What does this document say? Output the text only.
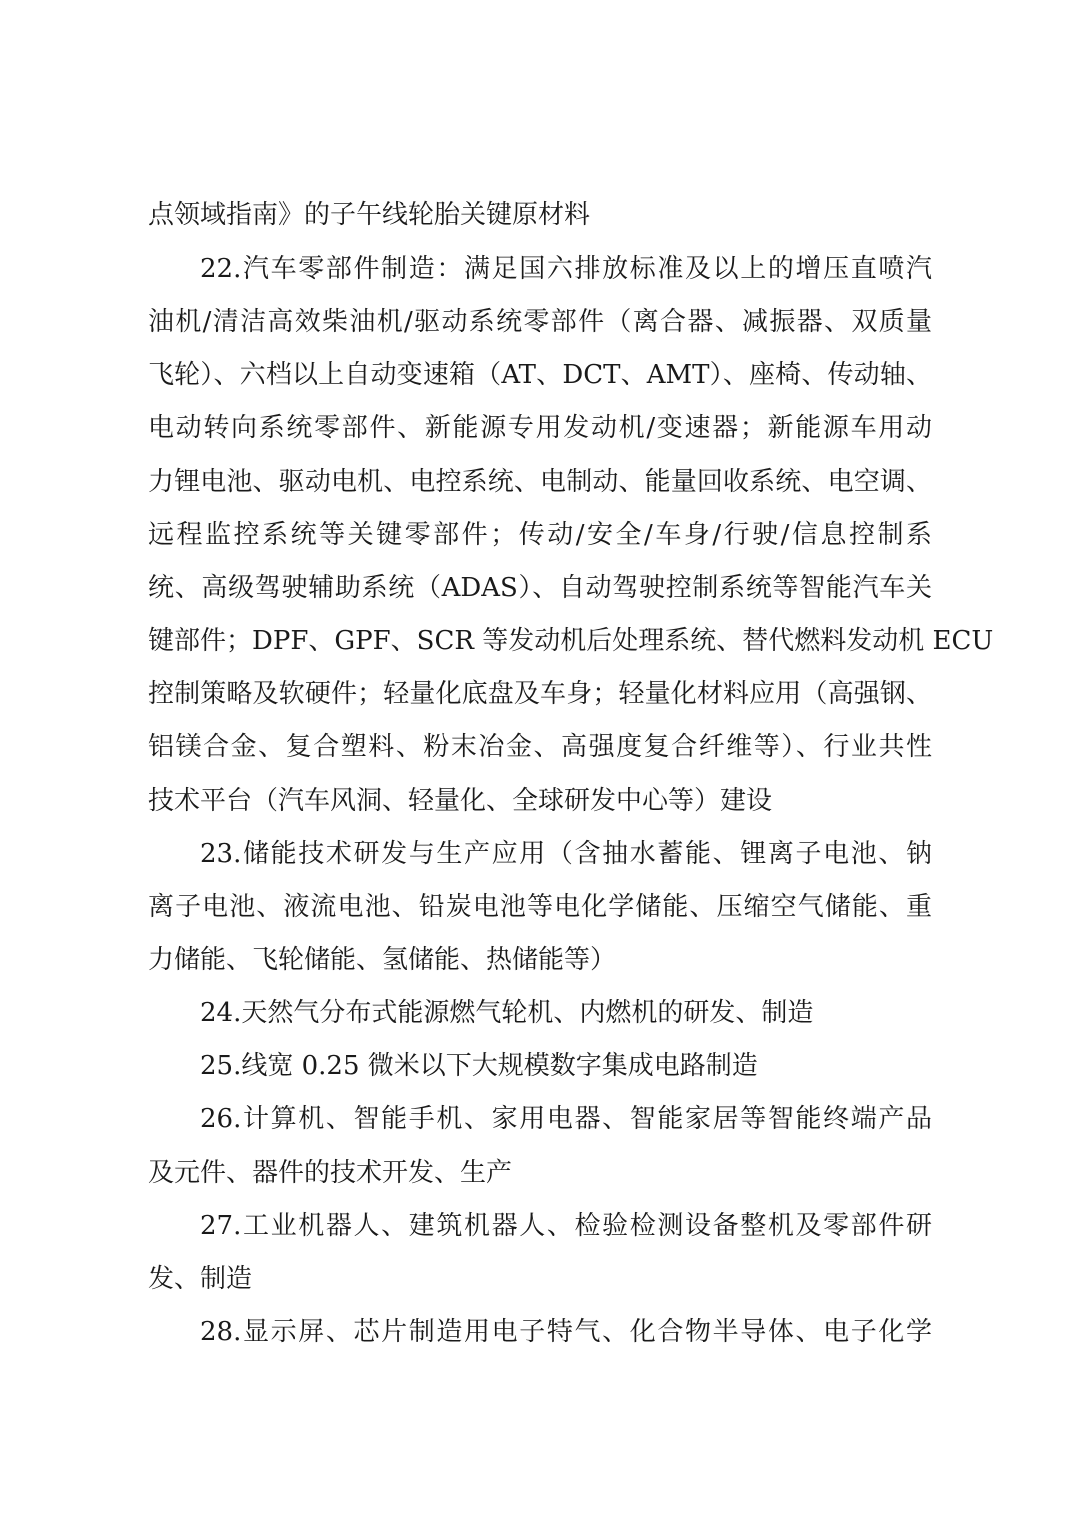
点领域指南》的子午线轮胎关键原材料
22.汽车零部件制造：满足国六排放标准及以上的增压直喷汽
油机/清洁高效柴油机/驱动系统零部件（离合器、减振器、双质量
飞轮）、六档以上自动变速箱（AT、DCT、AMT）、座椅、传动轴、
电动转向系统零部件、新能源专用发动机/变速器；新能源车用动
力锂电池、驱动电机、电控系统、电制动、能量回收系统、电空调、
远程监控系统等关键零部件；传动/安全/车身/行驶/信息控制系
统、高级驾驶辅助系统（ADAS）、自动驾驶控制系统等智能汽车关
键部件；DPF、GPF、SCR 等发动机后处理系统、替代燃料发动机 ECU
控制策略及软硬件；轻量化底盘及车身；轻量化材料应用（高强钢、
铝镁合金、复合塑料、粉末冶金、高强度复合纤维等）、行业共性
技术平台（汽车风洞、轻量化、全球研发中心等）建设
23.储能技术研发与生产应用（含抽水蓄能、锂离子电池、钠
离子电池、液流电池、铅炭电池等电化学储能、压缩空气储能、重
力储能、飞轮储能、氢储能、热储能等）
24.天然气分布式能源燃气轮机、内燃机的研发、制造
25.线宽 0.25 微米以下大规模数字集成电路制造
26.计算机、智能手机、家用电器、智能家居等智能终端产品
及元件、器件的技术开发、生产
27.工业机器人、建筑机器人、检验检测设备整机及零部件研
发、制造
28.显示屏、芯片制造用电子特气、化合物半导体、电子化学
